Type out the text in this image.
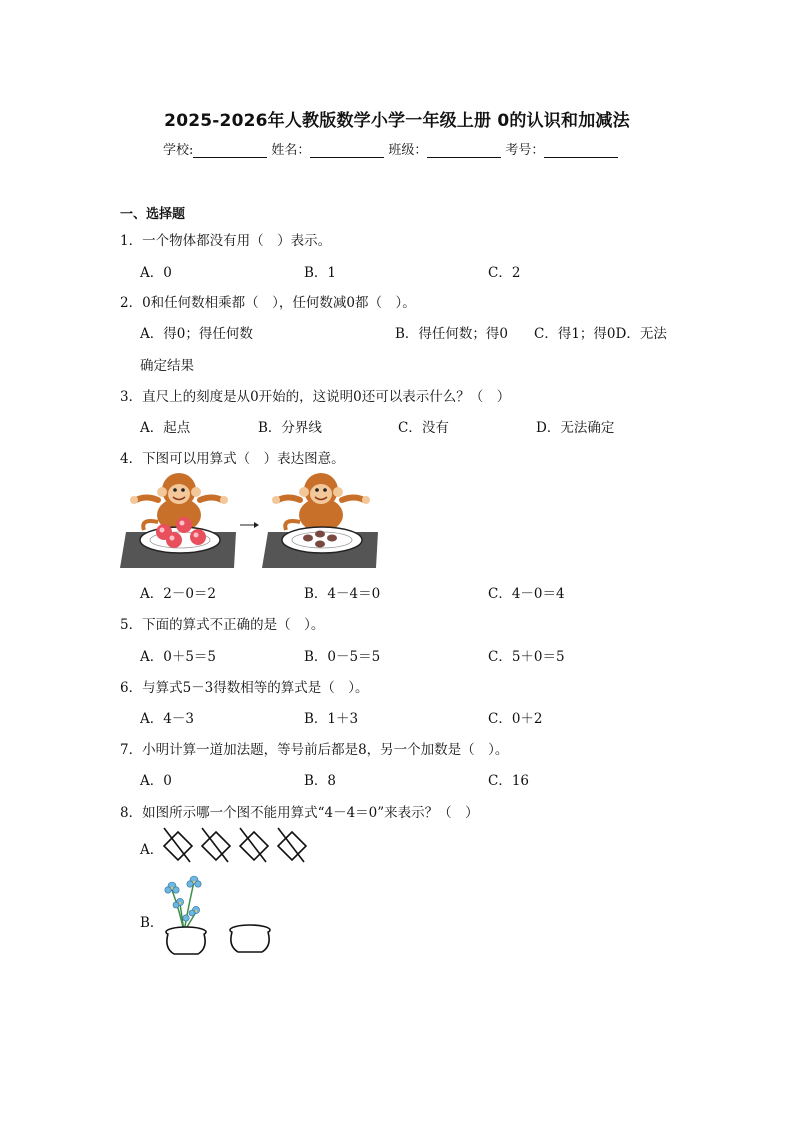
2025-2026年人教版数学小学一年级上册 0的认识和加减法
学校:	姓名：	班级：	考号：
一、选择题
1．一个物体都没有用（　）表示。
A．0	B．1	C．2
2．0和任何数相乘都（　），任何数减0都（　）。
A．得0；得任何数	B．得任何数；得0 C．得1；得0D．无法
确定结果
3．直尺上的刻度是从0开始的，这说明0还可以表示什么？（　）
A．起点	B．分界线	C．没有	D．无法确定
4．下图可以用算式（　）表达图意。
A．2－0＝2	B．4－4＝0	C．4－0＝4
5．下面的算式不正确的是（　）。
A．0＋5＝5	B．0－5＝5	C．5＋0＝5
6．与算式5－3得数相等的算式是（　）。
A．4－3	B．1＋3	C．0＋2
7．小明计算一道加法题，等号前后都是8，另一个加数是（　）。
A．0	B．8	C．16
8．如图所示哪一个图不能用算式“4－4＝0”来表示？（　）
A．
B．
